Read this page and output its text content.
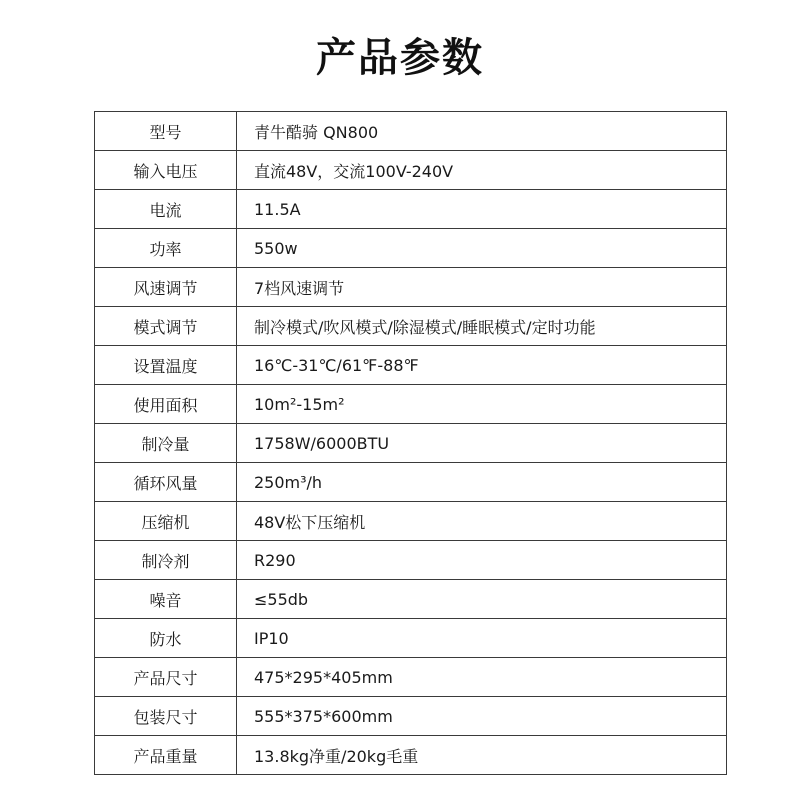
产品参数
型号	青牛酷骑 QN800
输入电压	直流48V，交流100V-240V
电流	11.5A
功率	550w
风速调节	7档风速调节
模式调节	制冷模式/吹风模式/除湿模式/睡眠模式/定时功能
设置温度	16℃-31℃/61℉-88℉
使用面积	10m²-15m²
制冷量	1758W/6000BTU
循环风量	250m³/h
压缩机	48V松下压缩机
制冷剂	R290
噪音	≤55db
防水	IP10
产品尺寸	475*295*405mm
包装尺寸	555*375*600mm
产品重量	13.8kg净重/20kg毛重
